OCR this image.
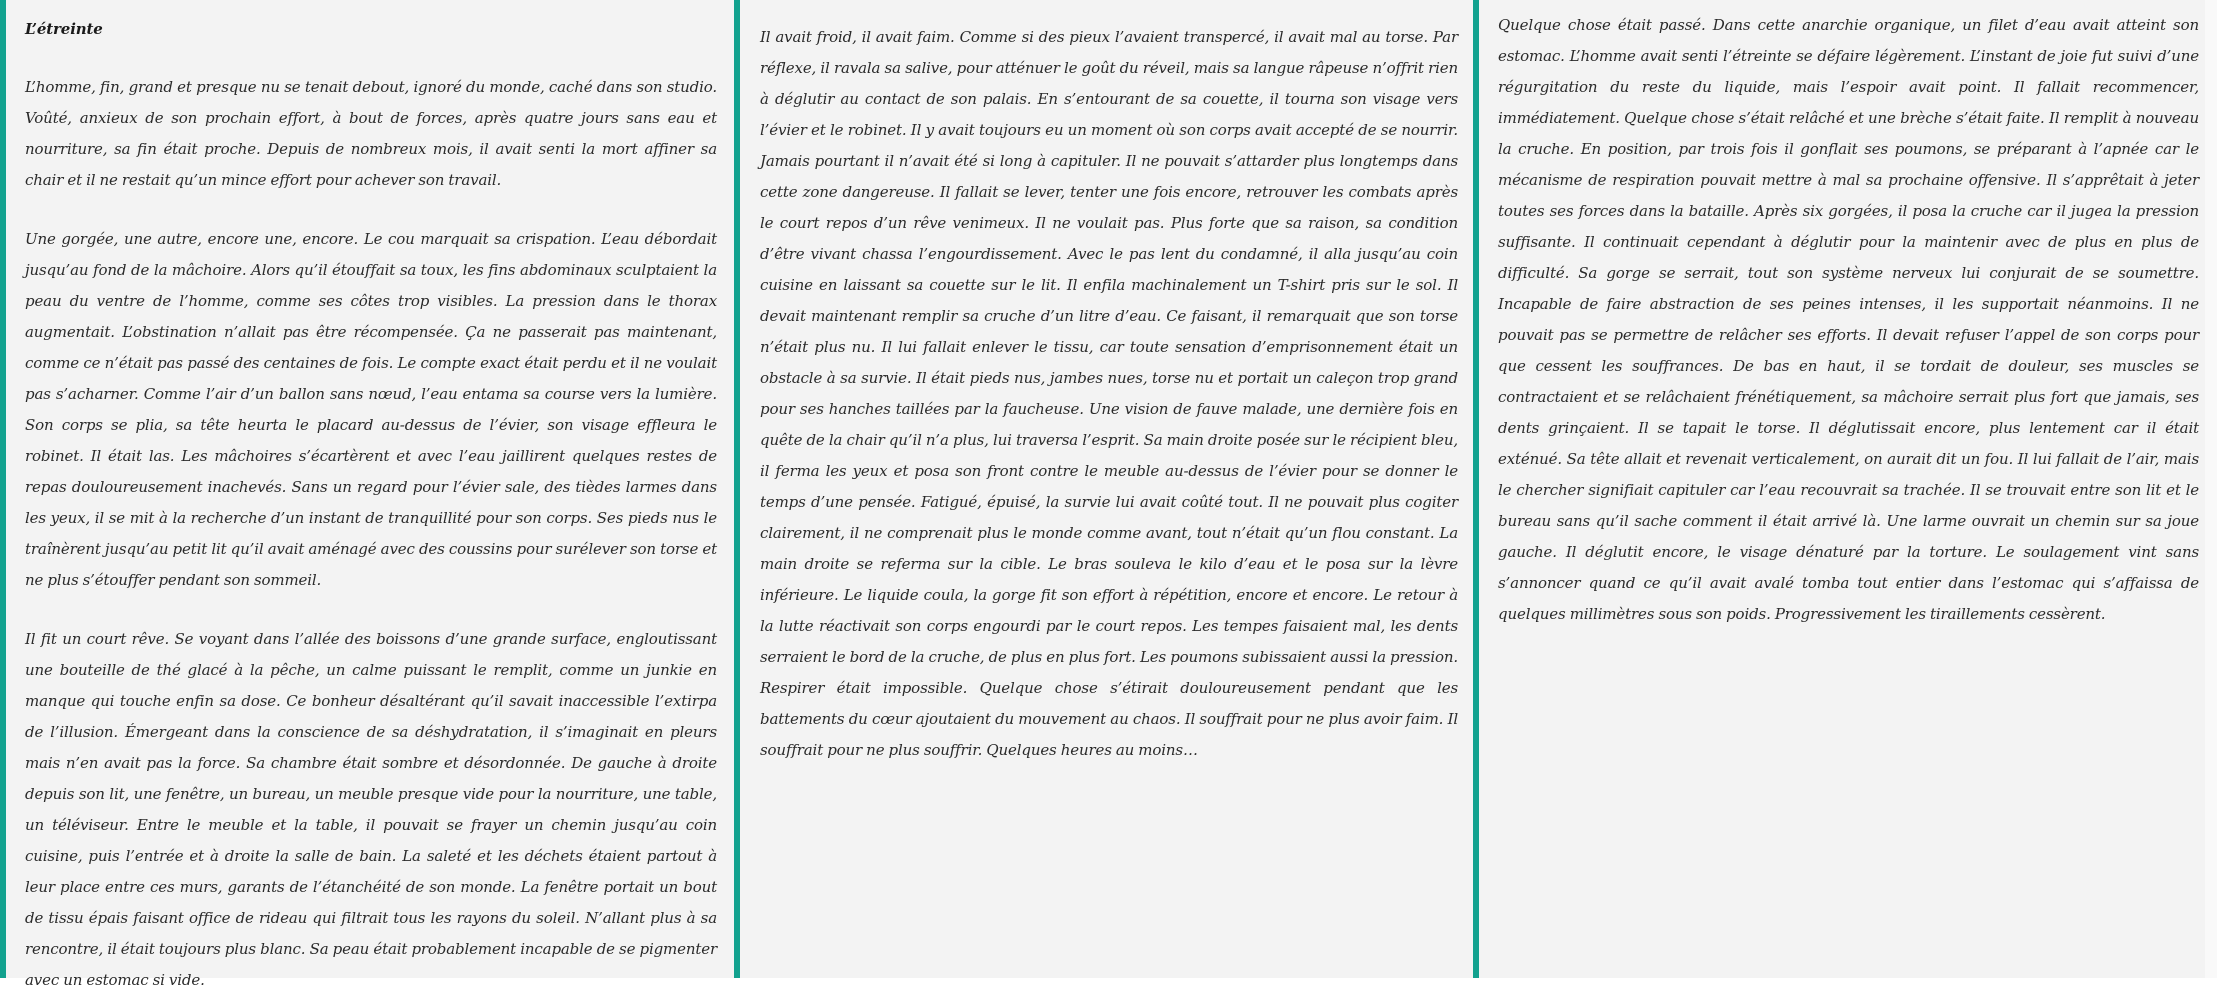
L’étreinte

L’homme, fin, grand et presque nu se tenait debout, ignoré du monde, caché dans son studio. Voûté, anxieux de son prochain effort, à bout de forces, après quatre jours sans eau et nourriture, sa fin était proche. Depuis de nombreux mois, il avait senti la mort affiner sa chair et il ne restait qu’un mince effort pour achever son travail.

Une gorgée, une autre, encore une, encore. Le cou marquait sa crispation. L’eau débordait jusqu’au fond de la mâchoire. Alors qu’il étouffait sa toux, les fins abdominaux sculptaient la peau du ventre de l’homme, comme ses côtes trop visibles. La pression dans le thorax augmentait. L’obstination n’allait pas être récompensée. Ça ne passerait pas maintenant, comme ce n’était pas passé des centaines de fois. Le compte exact était perdu et il ne voulait pas s’acharner. Comme l’air d’un ballon sans nœud, l’eau entama sa course vers la lumière. Son corps se plia, sa tête heurta le placard au-dessus de l’évier, son visage effleura le robinet. Il était las. Les mâchoires s’écartèrent et avec l’eau jaillirent quelques restes de repas douloureusement inachevés. Sans un regard pour l’évier sale, des tièdes larmes dans les yeux, il se mit à la recherche d’un instant de tranquillité pour son corps. Ses pieds nus le traînèrent jusqu’au petit lit qu’il avait aménagé avec des coussins pour surélever son torse et ne plus s’étouffer pendant son sommeil.

Il fit un court rêve. Se voyant dans l’allée des boissons d’une grande surface, engloutissant une bouteille de thé glacé à la pêche, un calme puissant le remplit, comme un junkie en manque qui touche enfin sa dose. Ce bonheur désaltérant qu’il savait inaccessible l’extirpa de l’illusion. Émergeant dans la conscience de sa déshydratation, il s’imaginait en pleurs mais n’en avait pas la force. Sa chambre était sombre et désordonnée. De gauche à droite depuis son lit, une fenêtre, un bureau, un meuble presque vide pour la nourriture, une table, un téléviseur. Entre le meuble et la table, il pouvait se frayer un chemin jusqu’au coin cuisine, puis l’entrée et à droite la salle de bain. La saleté et les déchets étaient partout à leur place entre ces murs, garants de l’étanchéité de son monde. La fenêtre portait un bout de tissu épais faisant office de rideau qui filtrait tous les rayons du soleil. N’allant plus à sa rencontre, il était toujours plus blanc. Sa peau était probablement incapable de se pigmenter avec un estomac si vide.

Il avait froid, il avait faim. Comme si des pieux l’avaient transpercé, il avait mal au torse. Par réflexe, il ravala sa salive, pour atténuer le goût du réveil, mais sa langue râpeuse n’offrit rien à déglutir au contact de son palais. En s’entourant de sa couette, il tourna son visage vers l’évier et le robinet. Il y avait toujours eu un moment où son corps avait accepté de se nourrir. Jamais pourtant il n’avait été si long à capituler. Il ne pouvait s’attarder plus longtemps dans cette zone dangereuse. Il fallait se lever, tenter une fois encore, retrouver les combats après le court repos d’un rêve venimeux. Il ne voulait pas. Plus forte que sa raison, sa condition d’être vivant chassa l’engourdissement. Avec le pas lent du condamné, il alla jusqu’au coin cuisine en laissant sa couette sur le lit. Il enfila machinalement un T-shirt pris sur le sol. Il devait maintenant remplir sa cruche d’un litre d’eau. Ce faisant, il remarquait que son torse n’était plus nu. Il lui fallait enlever le tissu, car toute sensation d’emprisonnement était un obstacle à sa survie. Il était pieds nus, jambes nues, torse nu et portait un caleçon trop grand pour ses hanches taillées par la faucheuse. Une vision de fauve malade, une dernière fois en quête de la chair qu’il n’a plus, lui traversa l’esprit. Sa main droite posée sur le récipient bleu, il ferma les yeux et posa son front contre le meuble au-dessus de l’évier pour se donner le temps d’une pensée. Fatigué, épuisé, la survie lui avait coûté tout. Il ne pouvait plus cogiter clairement, il ne comprenait plus le monde comme avant, tout n’était qu’un flou constant. La main droite se referma sur la cible. Le bras souleva le kilo d’eau et le posa sur la lèvre inférieure. Le liquide coula, la gorge fit son effort à répétition, encore et encore. Le retour à la lutte réactivait son corps engourdi par le court repos. Les tempes faisaient mal, les dents serraient le bord de la cruche, de plus en plus fort. Les poumons subissaient aussi la pression. Respirer était impossible. Quelque chose s’étirait douloureusement pendant que les battements du cœur ajoutaient du mouvement au chaos. Il souffrait pour ne plus avoir faim. Il souffrait pour ne plus souffrir. Quelques heures au moins…

Quelque chose était passé. Dans cette anarchie organique, un filet d’eau avait atteint son estomac. L’homme avait senti l’étreinte se défaire légèrement. L’instant de joie fut suivi d’une régurgitation du reste du liquide, mais l’espoir avait point. Il fallait recommencer, immédiatement. Quelque chose s’était relâché et une brèche s’était faite. Il remplit à nouveau la cruche. En position, par trois fois il gonflait ses poumons, se préparant à l’apnée car le mécanisme de respiration pouvait mettre à mal sa prochaine offensive. Il s’apprêtait à jeter toutes ses forces dans la bataille. Après six gorgées, il posa la cruche car il jugea la pression suffisante. Il continuait cependant à déglutir pour la maintenir avec de plus en plus de difficulté. Sa gorge se serrait, tout son système nerveux lui conjurait de se soumettre. Incapable de faire abstraction de ses peines intenses, il les supportait néanmoins. Il ne pouvait pas se permettre de relâcher ses efforts. Il devait refuser l’appel de son corps pour que cessent les souffrances. De bas en haut, il se tordait de douleur, ses muscles se contractaient et se relâchaient frénétiquement, sa mâchoire serrait plus fort que jamais, ses dents grinçaient. Il se tapait le torse. Il déglutissait encore, plus lentement car il était exténué. Sa tête allait et revenait verticalement, on aurait dit un fou. Il lui fallait de l’air, mais le chercher signifiait capituler car l’eau recouvrait sa trachée. Il se trouvait entre son lit et le bureau sans qu’il sache comment il était arrivé là. Une larme ouvrait un chemin sur sa joue gauche. Il déglutit encore, le visage dénaturé par la torture. Le soulagement vint sans s’annoncer quand ce qu’il avait avalé tomba tout entier dans l’estomac qui s’affaissa de quelques millimètres sous son poids. Progressivement les tiraillements cessèrent.
